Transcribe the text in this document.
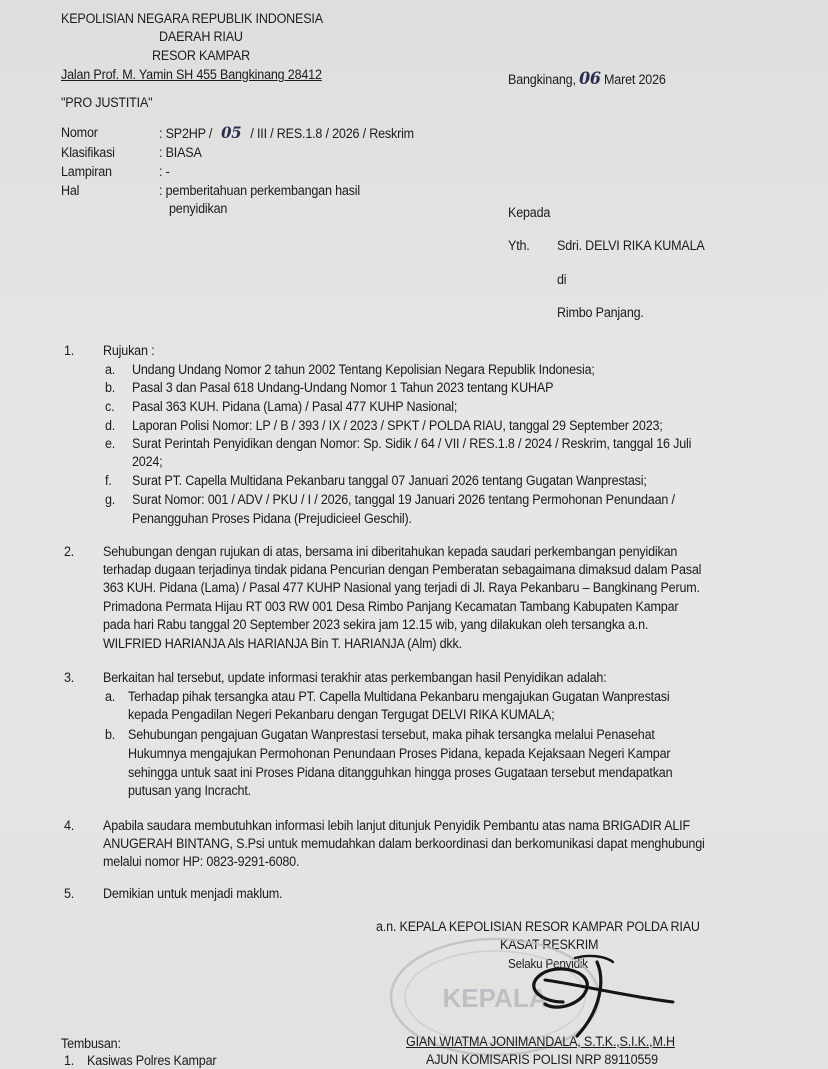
KEPOLISIAN NEGARA REPUBLIK INDONESIA
DAERAH RIAU
RESOR KAMPAR
Jalan Prof. M. Yamin SH 455 Bangkinang 28412	Bangkinang, 06 Maret 2026
"PRO JUSTITIA"
Nomor	: SP2HP / 05 / III / RES.1.8 / 2026 / Reskrim
Klasifikasi	: BIASA
Lampiran	: -
Hal	: pemberitahuan perkembangan hasil
penyidikan	Kepada
Yth. Sdri. DELVI RIKA KUMALA
di
Rimbo Panjang.
1. Rujukan :
a. Undang Undang Nomor 2 tahun 2002 Tentang Kepolisian Negara Republik Indonesia;
b. Pasal 3 dan Pasal 618 Undang-Undang Nomor 1 Tahun 2023 tentang KUHAP
c. Pasal 363 KUH. Pidana (Lama) / Pasal 477 KUHP Nasional;
d. Laporan Polisi Nomor: LP / B / 393 / IX / 2023 / SPKT / POLDA RIAU, tanggal 29 September 2023;
e. Surat Perintah Penyidikan dengan Nomor: Sp. Sidik / 64 / VII / RES.1.8 / 2024 / Reskrim, tanggal 16 Juli
2024;
f. Surat PT. Capella Multidana Pekanbaru tanggal 07 Januari 2026 tentang Gugatan Wanprestasi;
g. Surat Nomor: 001 / ADV / PKU / I / 2026, tanggal 19 Januari 2026 tentang Permohonan Penundaan /
Penangguhan Proses Pidana (Prejudicieel Geschil).
2. Sehubungan dengan rujukan di atas, bersama ini diberitahukan kepada saudari perkembangan penyidikan
terhadap dugaan terjadinya tindak pidana Pencurian dengan Pemberatan sebagaimana dimaksud dalam Pasal
363 KUH. Pidana (Lama) / Pasal 477 KUHP Nasional yang terjadi di Jl. Raya Pekanbaru – Bangkinang Perum.
Primadona Permata Hijau RT 003 RW 001 Desa Rimbo Panjang Kecamatan Tambang Kabupaten Kampar
pada hari Rabu tanggal 20 September 2023 sekira jam 12.15 wib, yang dilakukan oleh tersangka a.n.
WILFRIED HARIANJA Als HARIANJA Bin T. HARIANJA (Alm) dkk.
3. Berkaitan hal tersebut, update informasi terakhir atas perkembangan hasil Penyidikan adalah:
a. Terhadap pihak tersangka atau PT. Capella Multidana Pekanbaru mengajukan Gugatan Wanprestasi
kepada Pengadilan Negeri Pekanbaru dengan Tergugat DELVI RIKA KUMALA;
b. Sehubungan pengajuan Gugatan Wanprestasi tersebut, maka pihak tersangka melalui Penasehat
Hukumnya mengajukan Permohonan Penundaan Proses Pidana, kepada Kejaksaan Negeri Kampar
sehingga untuk saat ini Proses Pidana ditangguhkan hingga proses Gugataan tersebut mendapatkan
putusan yang Incracht.
4. Apabila saudara membutuhkan informasi lebih lanjut ditunjuk Penyidik Pembantu atas nama BRIGADIR ALIF
ANUGERAH BINTANG, S.Psi untuk memudahkan dalam berkoordinasi dan berkomunikasi dapat menghubungi
melalui nomor HP: 0823-9291-6080.
5. Demikian untuk menjadi maklum.
a.n. KEPALA KEPOLISIAN RESOR KAMPAR POLDA RIAU
KASAT RESKRIM
Selaku Penyidik
KEPALA
GIAN WIATMA JONIMANDALA, S.T.K.,S.I.K.,M.H
AJUN KOMISARIS POLISI NRP 89110559
Tembusan:
1. Kasiwas Polres Kampar
